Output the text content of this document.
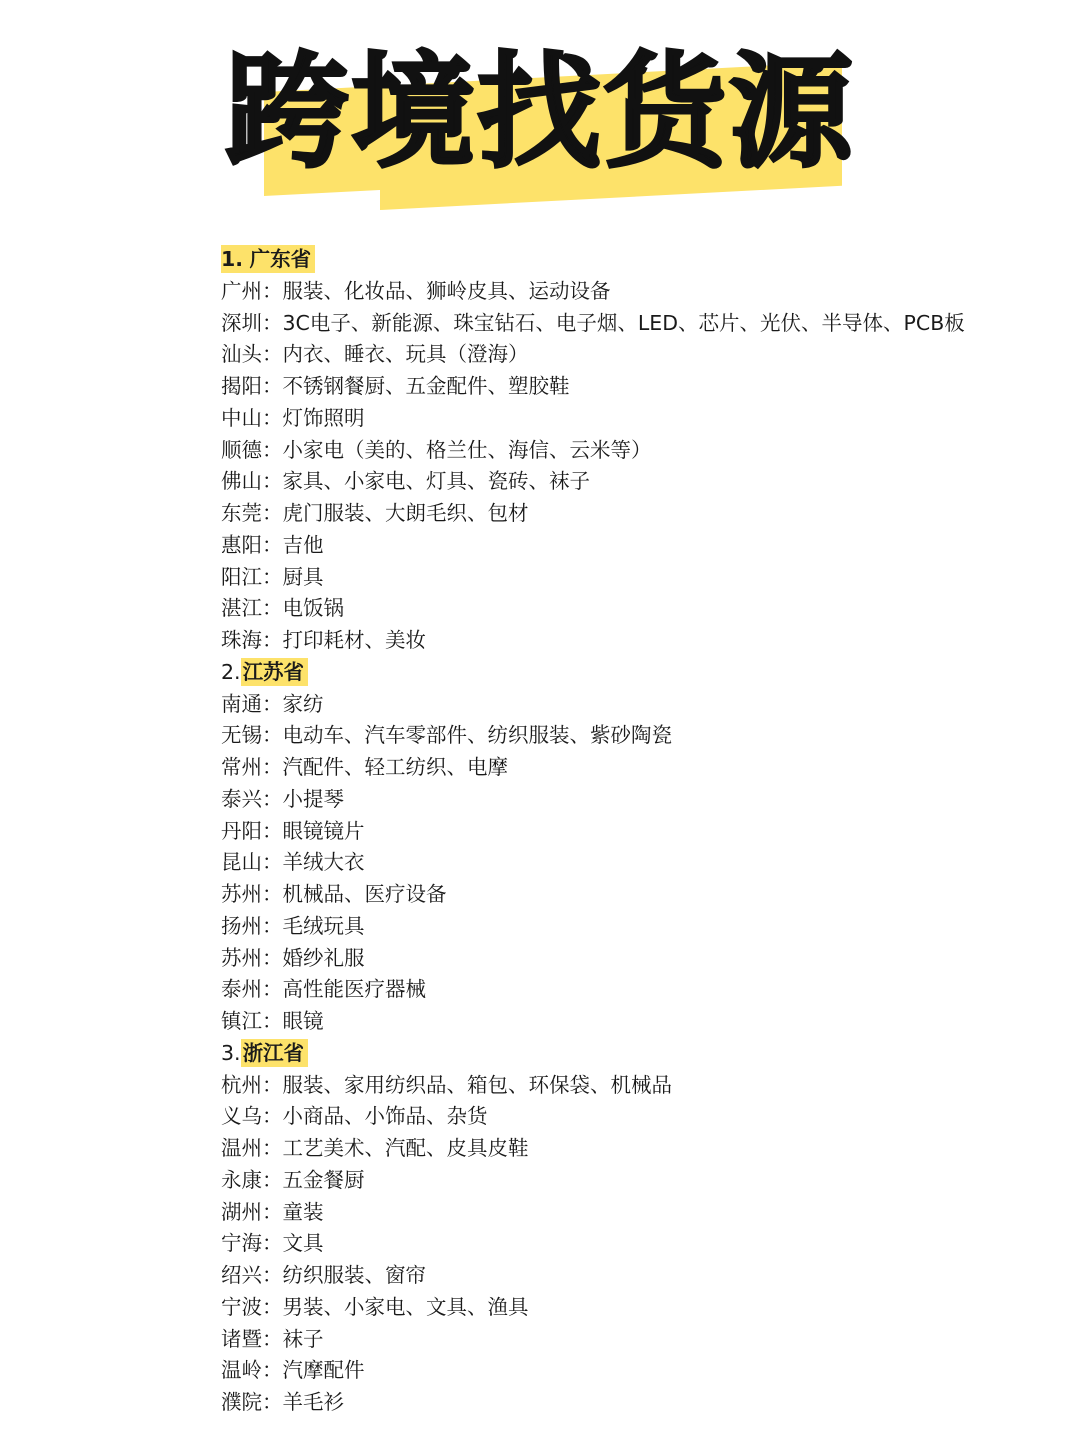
跨境找货源
1. 广东省
广州：服装、化妆品、狮岭皮具、运动设备
深圳：3C电子、新能源、珠宝钻石、电子烟、LED、芯片、光伏、半导体、PCB板
汕头：内衣、睡衣、玩具（澄海）
揭阳：不锈钢餐厨、五金配件、塑胶鞋
中山：灯饰照明
顺德：小家电（美的、格兰仕、海信、云米等）
佛山：家具、小家电、灯具、瓷砖、袜子
东莞：虎门服装、大朗毛织、包材
惠阳：吉他
阳江：厨具
湛江：电饭锅
珠海：打印耗材、美妆
2.江苏省
南通：家纺
无锡：电动车、汽车零部件、纺织服装、紫砂陶瓷
常州：汽配件、轻工纺织、电摩
泰兴：小提琴
丹阳：眼镜镜片
昆山：羊绒大衣
苏州：机械品、医疗设备
扬州：毛绒玩具
苏州：婚纱礼服
泰州：高性能医疗器械
镇江：眼镜
3.浙江省
杭州：服装、家用纺织品、箱包、环保袋、机械品
义乌：小商品、小饰品、杂货
温州：工艺美术、汽配、皮具皮鞋
永康：五金餐厨
湖州：童装
宁海：文具
绍兴：纺织服装、窗帘
宁波：男装、小家电、文具、渔具
诸暨：袜子
温岭：汽摩配件
濮院：羊毛衫
